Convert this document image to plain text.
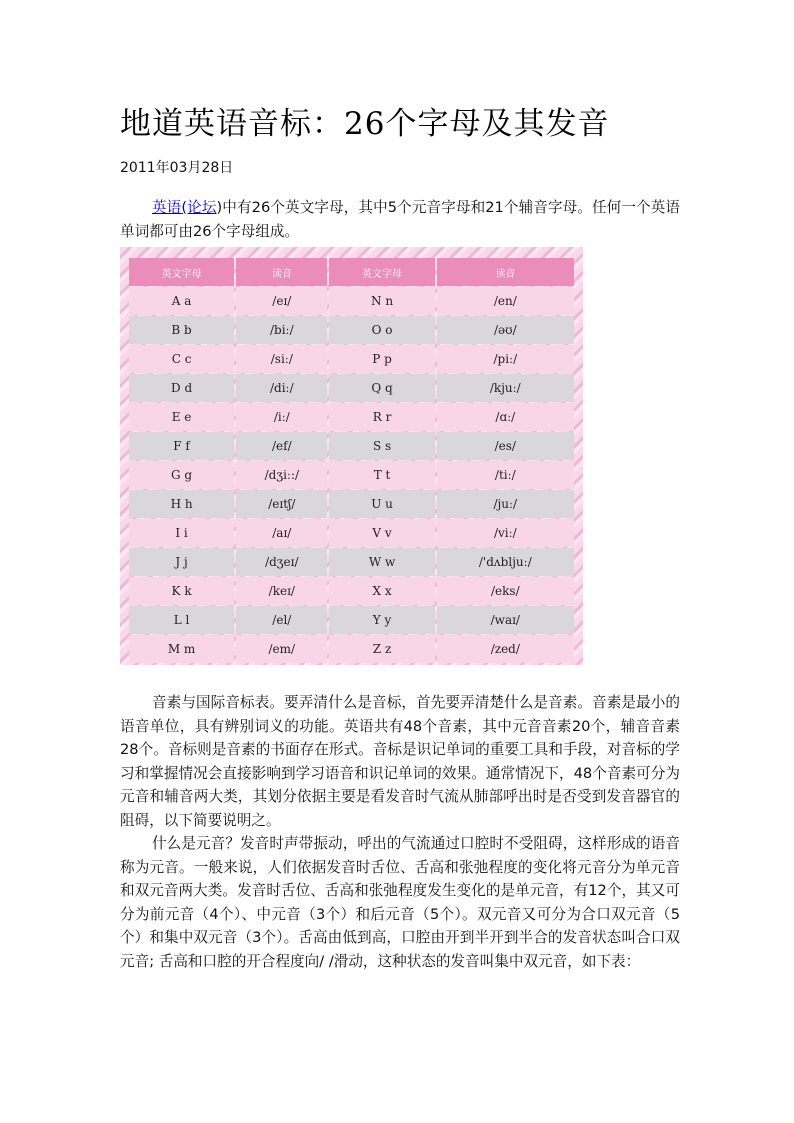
地道英语音标：26个字母及其发音
2011年03月28日
英语(论坛)中有26个英文字母，其中5个元音字母和21个辅音字母。任何一个英语单词都可由26个字母组成。
英文字母	读音	英文字母	读音
A a	/eɪ/	N n	/en/
B b	/biː/	O o	/əʊ/
C c	/siː/	P p	/piː/
D d	/diː/	Q q	/kjuː/
E e	/iː/	R r	/ɑː/
F f	/ef/	S s	/es/
G g	/dʒiː:/	T t	/tiː/
H h	/eɪtʃ/	U u	/juː/
I i	/aɪ/	V v	/viː/
J j	/dʒeɪ/	W w	/'dʌbljuː/
K k	/keɪ/	X x	/eks/
L l	/el/	Y y	/waɪ/
M m	/em/	Z z	/zed/
音素与国际音标表。要弄清什么是音标，首先要弄清楚什么是音素。音素是最小的语音单位，具有辨别词义的功能。英语共有48个音素，其中元音音素20个，辅音音素28个。音标则是音素的书面存在形式。音标是识记单词的重要工具和手段，对音标的学习和掌握情况会直接影响到学习语音和识记单词的效果。通常情况下，48个音素可分为元音和辅音两大类，其划分依据主要是看发音时气流从肺部呼出时是否受到发音器官的阻碍，以下简要说明之。
什么是元音？发音时声带振动，呼出的气流通过口腔时不受阻碍，这样形成的语音称为元音。一般来说，人们依据发音时舌位、舌高和张弛程度的变化将元音分为单元音和双元音两大类。发音时舌位、舌高和张弛程度发生变化的是单元音，有12个，其又可分为前元音（4个）、中元音（3个）和后元音（5个）。双元音又可分为合口双元音（5个）和集中双元音（3个）。舌高由低到高，口腔由开到半开到半合的发音状态叫合口双元音; 舌高和口腔的开合程度向/ /滑动，这种状态的发音叫集中双元音，如下表：
